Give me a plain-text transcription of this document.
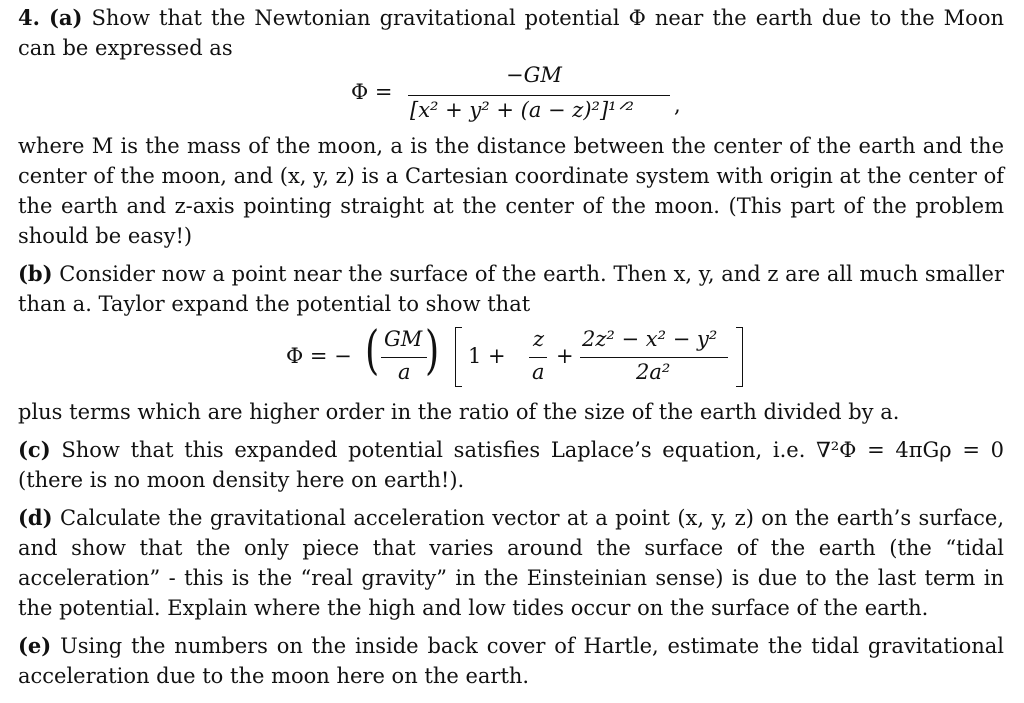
4. (a) Show that the Newtonian gravitational potential Φ near the earth due to the Moon can be expressed as

Φ =
−GM
[x² + y² + (a − z)²]¹ᐟ² ,

where M is the mass of the moon, a is the distance between the center of the earth and the center of the moon, and (x, y, z) is a Cartesian coordinate system with origin at the center of the earth and z-axis pointing straight at the center of the moon. (This part of the problem should be easy!)

(b) Consider now a point near the surface of the earth. Then x, y, and z are all much smaller than a. Taylor expand the potential to show that

Φ = − ( GM
a ) 1 +
z
a
+
2z² − x² − y²
2a²

plus terms which are higher order in the ratio of the size of the earth divided by a.

(c) Show that this expanded potential satisfies Laplace’s equation, i.e. ∇²Φ = 4πGρ = 0 (there is no moon density here on earth!).

(d) Calculate the gravitational acceleration vector at a point (x, y, z) on the earth’s surface, and show that the only piece that varies around the surface of the earth (the “tidal acceleration” - this is the “real gravity” in the Einsteinian sense) is due to the last term in the potential. Explain where the high and low tides occur on the surface of the earth.

(e) Using the numbers on the inside back cover of Hartle, estimate the tidal gravitational acceleration due to the moon here on the earth.
